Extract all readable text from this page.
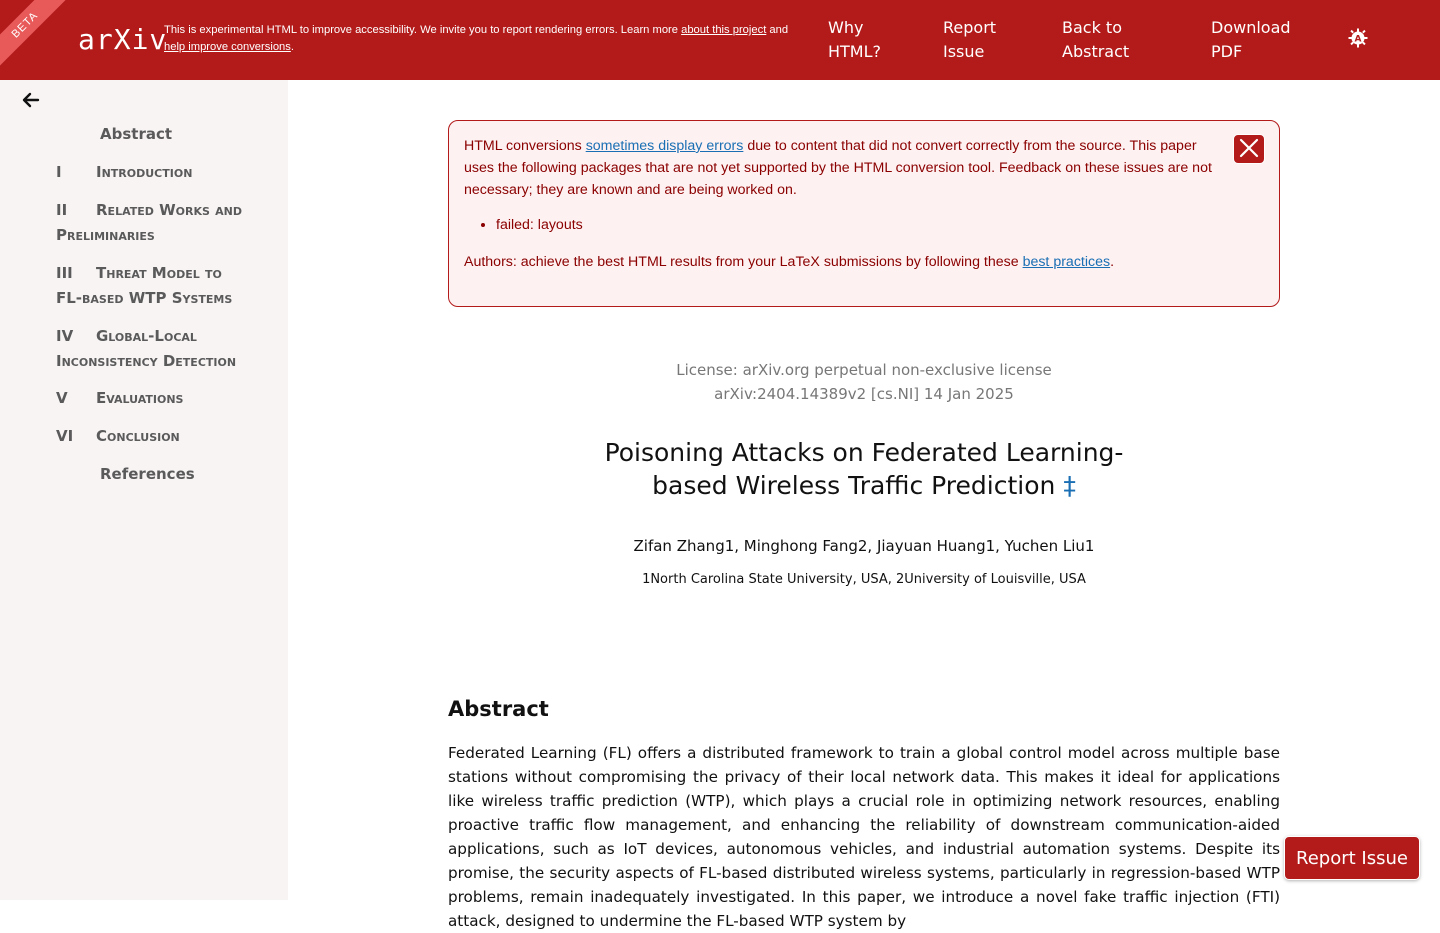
BETA	arXiv
This is experimental HTML to improve accessibility. We invite you to report rendering errors. Learn more about this project and
help improve conversions.
Why
HTML?
Report
Issue
Back to
Abstract
Download
PDF
A
Abstract
I Introduction
II Related Works and
Preliminaries
III Threat Model to
FL-based WTP Systems
IV Global-Local
Inconsistency Detection
V Evaluations
VI Conclusion
References
HTML conversions sometimes display errors due to content that did not convert correctly from the source. This paper uses the following packages that are not yet supported by the HTML conversion tool. Feedback on these issues are not necessary; they are known and are being worked on.
• failed: layouts
Authors: achieve the best HTML results from your LaTeX submissions by following these best practices.
License: arXiv.org perpetual non-exclusive license
arXiv:2404.14389v2 [cs.NI] 14 Jan 2025
Poisoning Attacks on Federated Learning-
based Wireless Traffic Prediction ‡
Zifan Zhang1, Minghong Fang2, Jiayuan Huang1, Yuchen Liu1
1North Carolina State University, USA, 2University of Louisville, USA
Abstract
Federated Learning (FL) offers a distributed framework to train a global control model across multiple base stations without compromising the privacy of their local network data. This makes it ideal for applications like wireless traffic prediction (WTP), which plays a crucial role in optimizing network resources, enabling proactive traffic flow management, and enhancing the reliability of downstream communication-aided applications, such as IoT devices, autonomous vehicles, and industrial automation systems. Despite its promise, the security aspects of FL-based distributed wireless systems, particularly in regression-based WTP problems, remain inadequately investigated. In this paper, we introduce a novel fake traffic injection (FTI) attack, designed to undermine the FL-based WTP system by
Report Issue
